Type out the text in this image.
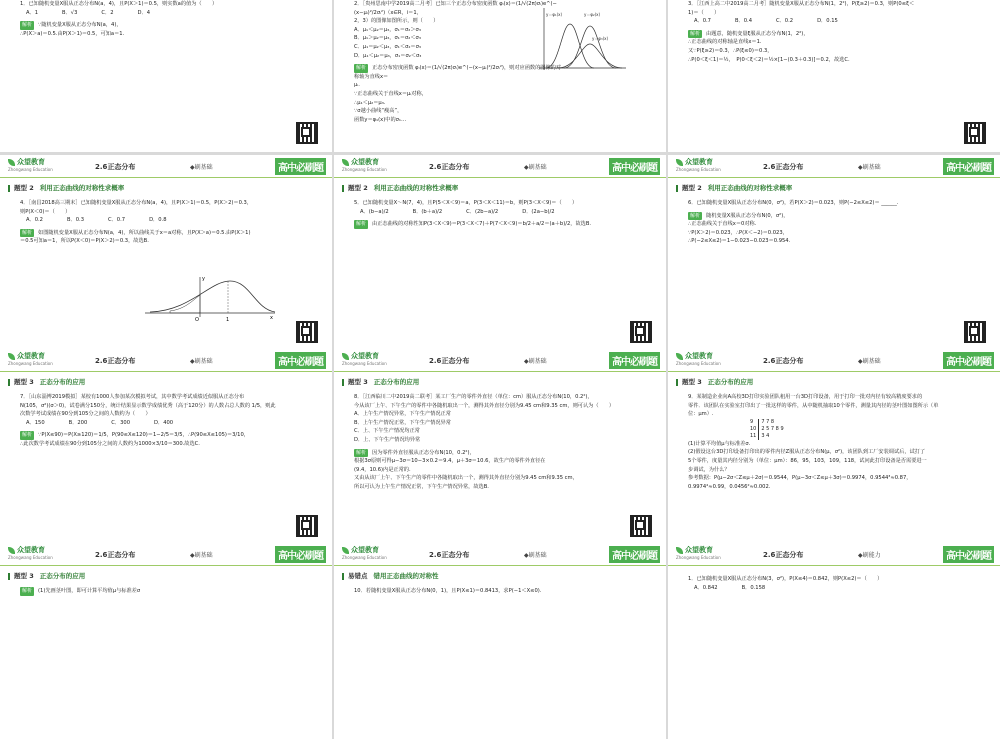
1．已知随机变量X服从正态分布N(a，4)，且P(X＞1)＝0.5，则实数a的值为（　　）

A．1	B．√3	C．2	D．4

解析 ∵随机变量X服从正态分布N(a，4)，

∴P(X＞a)＝0.5.由P(X＞1)＝0.5，可知a＝1.

2．［贵州思南中学2019高二月考］已知三个正态分布密度函数 φᵢ(x)＝(1/√(2π)σᵢ)e^(−(x−μᵢ)²/2σᵢ²)（x∈R，i＝1，

2，3）的图像如图所示，则（　　）

A．μ₁＜μ₂＝μ₃，σ₁＝σ₂＞σ₃

B．μ₁＞μ₂＝μ₃，σ₁＝σ₂＜σ₃

C．μ₁＝μ₂＜μ₃，σ₁＜σ₂＝σ₃

D．μ₁＜μ₂＝μ₃，σ₁＝σ₂＜σ₃

解析 正态分布密度函数 φᵢ(x)＝(1/√(2π)σᵢ)e^(−(x−μᵢ)²/2σᵢ²)，则对应函数的图像的对称轴为直线x＝

μᵢ.

∵正态曲线关于直线x＝μᵢ对称，

∴μ₁＜μ₂＝μ₃.

∵σ越小曲线“瘦高”，

函数y＝φ₁(x)中的σ₁…

y＝φ₁(x)	y＝φ₂(x)
y＝φ₃(x)

3．［江西上高二中2019高二月考］随机变量X服从正态分布N(1，2²)，P(ξ≥2)＝0.3，则P(0≤ξ＜

1)＝（　　）

A．0.7	B．0.4	C．0.2	D．0.15

解析 由题意，随机变量ξ服从正态分布N(1，2²)，

∴正态曲线的对称轴是直线x＝1.

又∵P(ξ≥2)＝0.3，∴P(ξ≤0)＝0.3，

∴P(0＜ξ＜1)＝½，　P(0＜ξ＜2)＝½×[1−(0.3＋0.3)]＝0.2，故选C.

众望教育
Zhongwang Education	2.6 正态分布	◆刷基础	高中必刷题
题型 2 利用正态曲线的对称性求概率

4．［南昌2018高三期末］已知随机变量X服从正态分布N(a，4)，且P(X＞1)＝0.5，P(X＞2)＝0.3，

则P(X＜0)＝（　　）

A．0.2	B．0.3	C．0.7	D．0.8

解析 如图随机变量X服从正态分布N(a，4)，所以曲线关于x＝a对称，且P(X＞a)＝0.5.由P(X＞1)

＝0.5可知a＝1，所以P(X＜0)＝P(X＞2)＝0.3，故选B.

O	1	x
y
众望教育
Zhongwang Education	2.6 正态分布	◆刷基础	高中必刷题
题型 2 利用正态曲线的对称性求概率

5．已知随机变量X～N(7，4)，且P(5＜X＜9)＝a，P(3＜X＜11)＝b，则P(3＜X＜9)＝（　　）

A．(b−a)/2	B．(b＋a)/2	C．(2b−a)/2	D．(2a−b)/2

解析 由正态曲线的对称性知P(3＜X＜9)＝P(3＜X＜7)＋P(7＜X＜9)＝b/2＋a/2＝(a＋b)/2，故选B.

众望教育
Zhongwang Education	2.6 正态分布	◆刷基础	高中必刷题
题型 2 利用正态曲线的对称性求概率

6．已知随机变量X服从正态分布N(0，σ²)，若P(X＞2)＝0.023，则P(−2≤X≤2)＝ ______.

解析 随机变量X服从正态分布N(0，σ²)，

∴正态曲线关于直线x＝0对称.

∵P(X＞2)＝0.023，∴P(X＜−2)＝0.023，

∴P(−2≤X≤2)＝1−0.023−0.023＝0.954.

众望教育
Zhongwang Education	2.6 正态分布	◆刷基础	高中必刷题
题型 3 正态分布的应用

7．［山东淄博2019模拟］某校有1000人参加某次模拟考试，其中数学考试成绩近似服从正态分布

N(105，σ²)(σ＞0)，试卷满分150分，统计结果显示数学成绩优秀（高于120分）的人数占总人数的 1/5，则此

次数学考试成绩在90分到105分之间的人数约为（　　）

A．150	B．200	C．300	D．400

解析 ∵P(X≤90)＝P(X≥120)＝1/5，P(90≤X≤120)＝1−2/5＝3/5，∴P(90≤X≤105)＝3/10，

∴此次数学考试成绩在90分到105分之间的人数约为1000×3/10＝300.故选C.

众望教育
Zhongwang Education	2.6 正态分布	◆刷基础	高中必刷题
题型 3 正态分布的应用

8．［江西临川二中2019高二联考］某工厂生产的零件外直径（单位：cm）服从正态分布N(10，0.2²)，

今从该厂上午、下午生产的零件中各随机取出一个，测得其外直径分别为9.45 cm和9.35 cm，则可认为（　　）

A．上午生产情况异常，下午生产情况正常

B．上午生产情况正常，下午生产情况异常

C．上、下午生产情况均正常

D．上、下午生产情况均异常

解析 因为零件外直径服从正态分布N(10，0.2²)，

根据3σ原则可得μ−3σ＝10−3×0.2＝9.4，μ＋3σ＝10.6，故生产的零件外直径在

(9.4，10.6)内是正常的.

又由从该厂上午、下午生产的零件中各随机取出一个，测得其外直径分别为9.45 cm和9.35 cm，

所以可认为上午生产情况正常，下午生产情况异常，故选B.

众望教育
Zhongwang Education	2.6 正态分布	◆刷基础	高中必刷题
题型 3 正态分布的应用

9．某制造企业向A高校3D打印实验团队租用一台3D打印设备，用于打印一批对内径有较高精度要求的

零件．该团队在实验室打印出了一批这样的零件，从中随机抽取10个零件，测量其内径的茎叶图如图所示（单

位：μm）.

9	7 7 8
10	2 5 7 8 9
11	3 4

(1)计算平均值μ与标准差σ.

(2)假设这台3D打印设备打印出的零件内径Z服从正态分布N(μ，σ²)，该团队到工厂安装调试后，试打了

5个零件，度量其内径分别为（单位：μm）：86，95，103，109，118，试问此打印设备是否需要进一

步调试，为什么？

参考数据：P(μ−2σ＜Z≤μ＋2σ)＝0.9544，P(μ−3σ＜Z≤μ＋3σ)＝0.9974，0.9544³≈0.87，

0.9974⁴≈0.99，0.0456²≈0.002.

众望教育
Zhongwang Education	2.6 正态分布	◆刷基础	高中必刷题
题型 3 正态分布的应用

解析 (1)先画茎叶图，即可计算平均值μ与标准差σ

众望教育
Zhongwang Education	2.6 正态分布	◆刷基础	高中必刷题
易错点 错用正态曲线的对称性

10．若随机变量X服从正态分布N(0，1)，且P(X≤1)＝0.8413，求P(−1＜X≤0).

众望教育
Zhongwang Education	2.6 正态分布	◆刷能力	高中必刷题

1．已知随机变量X服从正态分布N(3，σ²)，P(X≤4)＝0.842，则P(X≤2)＝（　　）

A．0.842	B．0.158
